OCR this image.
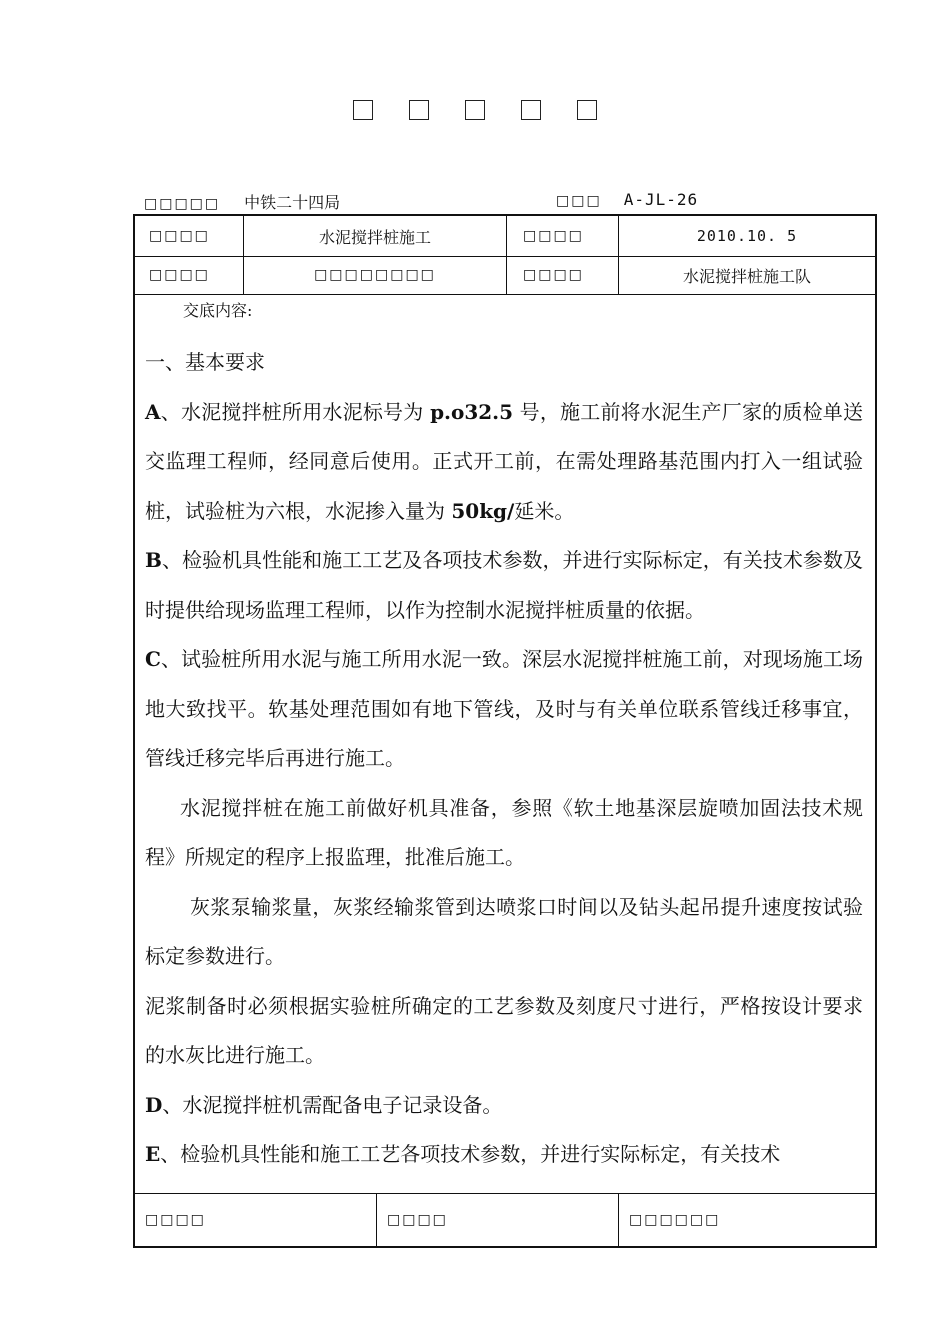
□□□□□ 中铁二十四局	□□□ A-JL-26
□□□□	水泥搅拌桩施工	□□□□	2010.10. 5
□□□□	□□□□□□□□	□□□□	水泥搅拌桩施工队
交底内容:

一、基本要求

A、水泥搅拌桩所用水泥标号为 p.o32.5 号，施工前将水泥生产厂家的质检单送交监理工程师，经同意后使用。正式开工前，在需处理路基范围内打入一组试验桩，试验桩为六根，水泥掺入量为 50kg/延米。

B、检验机具性能和施工工艺及各项技术参数，并进行实际标定，有关技术参数及时提供给现场监理工程师，以作为控制水泥搅拌桩质量的依据。

C、试验桩所用水泥与施工所用水泥一致。深层水泥搅拌桩施工前，对现场施工场地大致找平。软基处理范围如有地下管线，及时与有关单位联系管线迁移事宜，管线迁移完毕后再进行施工。

水泥搅拌桩在施工前做好机具准备，参照《软土地基深层旋喷加固法技术规程》所规定的程序上报监理，批准后施工。

灰浆泵输浆量，灰浆经输浆管到达喷浆口时间以及钻头起吊提升速度按试验标定参数进行。

泥浆制备时必须根据实验桩所确定的工艺参数及刻度尺寸进行，严格按设计要求的水灰比进行施工。

D、水泥搅拌桩机需配备电子记录设备。

E、检验机具性能和施工工艺各项技术参数，并进行实际标定，有关技术

□□□□	□□□□	□□□□□□
